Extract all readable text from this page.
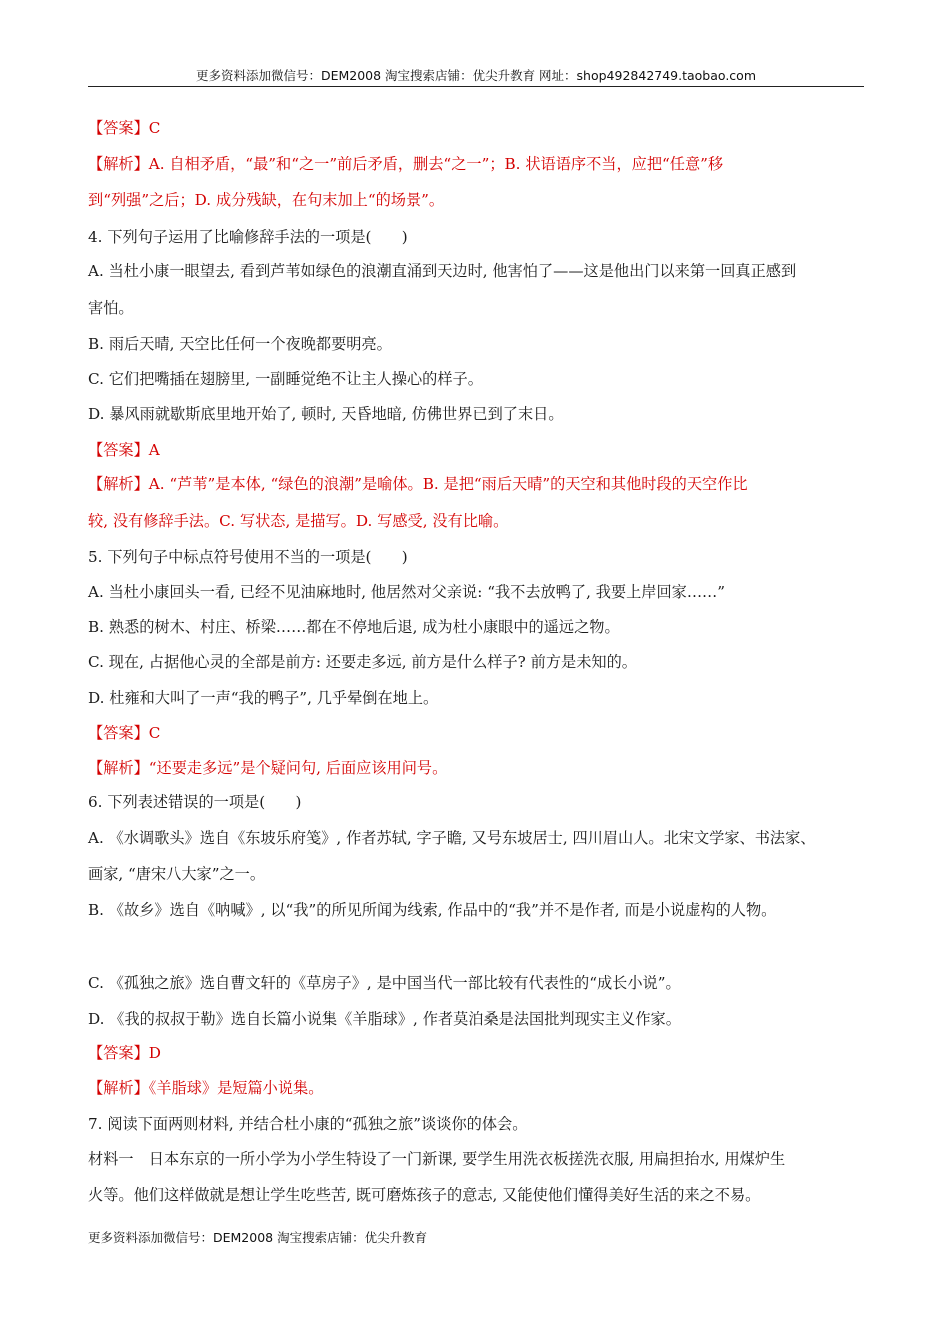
更多资料添加微信号：DEM2008 淘宝搜索店铺：优尖升教育 网址：shop492842749.taobao.com
【答案】C
【解析】A. 自相矛盾，“最”和“之一”前后矛盾，删去“之一”；B. 状语语序不当，应把“任意”移
到“列强”之后；D. 成分残缺，在句末加上“的场景”。
4. 下列句子运用了比喻修辞手法的一项是(　　)
A. 当杜小康一眼望去, 看到芦苇如绿色的浪潮直涌到天边时, 他害怕了——这是他出门以来第一回真正感到
害怕。
B. 雨后天晴, 天空比任何一个夜晚都要明亮。
C. 它们把嘴插在翅膀里, 一副睡觉绝不让主人操心的样子。
D. 暴风雨就歇斯底里地开始了, 顿时, 天昏地暗, 仿佛世界已到了末日。
【答案】A
【解析】A. “芦苇”是本体, “绿色的浪潮”是喻体。B. 是把“雨后天晴”的天空和其他时段的天空作比
较, 没有修辞手法。C. 写状态, 是描写。D. 写感受, 没有比喻。
5. 下列句子中标点符号使用不当的一项是(　　)
A. 当杜小康回头一看, 已经不见油麻地时, 他居然对父亲说: “我不去放鸭了, 我要上岸回家……”
B. 熟悉的树木、村庄、桥梁……都在不停地后退, 成为杜小康眼中的遥远之物。
C. 现在, 占据他心灵的全部是前方: 还要走多远, 前方是什么样子? 前方是未知的。
D. 杜雍和大叫了一声“我的鸭子”, 几乎晕倒在地上。
【答案】C
【解析】“还要走多远”是个疑问句, 后面应该用问号。
6. 下列表述错误的一项是(　　)
A. 《水调歌头》选自《东坡乐府笺》, 作者苏轼, 字子瞻, 又号东坡居士, 四川眉山人。北宋文学家、书法家、
画家, “唐宋八大家”之一。
B. 《故乡》选自《呐喊》, 以“我”的所见所闻为线索, 作品中的“我”并不是作者, 而是小说虚构的人物。
C. 《孤独之旅》选自曹文轩的《草房子》, 是中国当代一部比较有代表性的“成长小说”。
D. 《我的叔叔于勒》选自长篇小说集《羊脂球》, 作者莫泊桑是法国批判现实主义作家。
【答案】D
【解析】《羊脂球》是短篇小说集。
7. 阅读下面两则材料, 并结合杜小康的“孤独之旅”谈谈你的体会。
材料一　日本东京的一所小学为小学生特设了一门新课, 要学生用洗衣板搓洗衣服, 用扁担抬水, 用煤炉生
火等。他们这样做就是想让学生吃些苦, 既可磨炼孩子的意志, 又能使他们懂得美好生活的来之不易。
更多资料添加微信号：DEM2008 淘宝搜索店铺：优尖升教育
